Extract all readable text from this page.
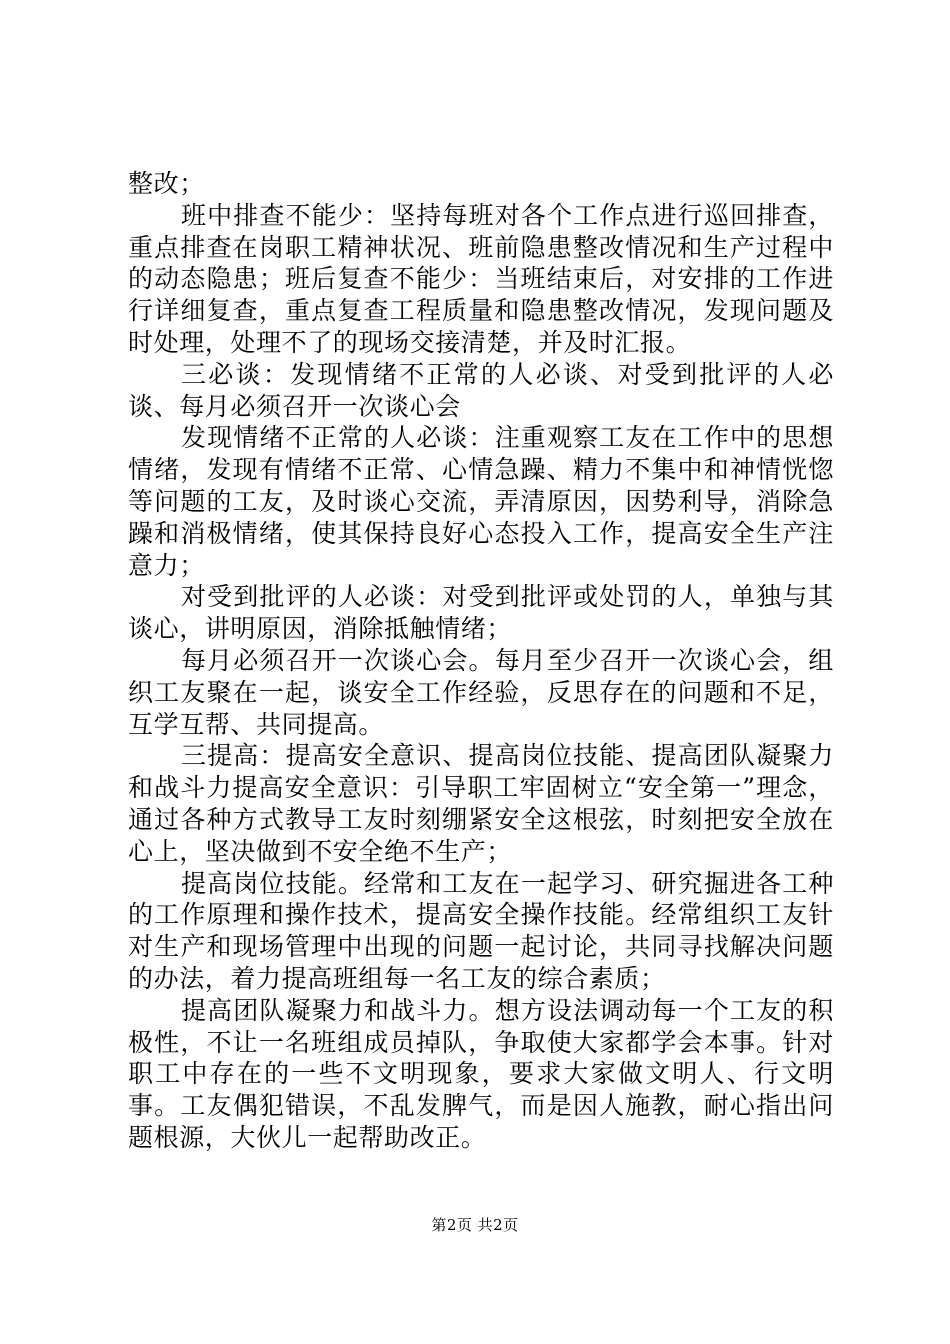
整改；

班中排查不能少：坚持每班对各个工作点进行巡回排查，重点排查在岗职工精神状况、班前隐患整改情况和生产过程中的动态隐患；班后复查不能少：当班结束后，对安排的工作进行详细复查，重点复查工程质量和隐患整改情况，发现问题及时处理，处理不了的现场交接清楚，并及时汇报。

三必谈：发现情绪不正常的人必谈、对受到批评的人必谈、每月必须召开一次谈心会

发现情绪不正常的人必谈：注重观察工友在工作中的思想情绪，发现有情绪不正常、心情急躁、精力不集中和神情恍惚等问题的工友，及时谈心交流，弄清原因，因势利导，消除急躁和消极情绪，使其保持良好心态投入工作，提高安全生产注意力；

对受到批评的人必谈：对受到批评或处罚的人，单独与其谈心，讲明原因，消除抵触情绪；

每月必须召开一次谈心会。每月至少召开一次谈心会，组织工友聚在一起，谈安全工作经验，反思存在的问题和不足，互学互帮、共同提高。

三提高：提高安全意识、提高岗位技能、提高团队凝聚力和战斗力提高安全意识：引导职工牢固树立“安全第一”理念，通过各种方式教导工友时刻绷紧安全这根弦，时刻把安全放在心上，坚决做到不安全绝不生产；

提高岗位技能。经常和工友在一起学习、研究掘进各工种的工作原理和操作技术，提高安全操作技能。经常组织工友针对生产和现场管理中出现的问题一起讨论，共同寻找解决问题的办法，着力提高班组每一名工友的综合素质；

提高团队凝聚力和战斗力。想方设法调动每一个工友的积极性，不让一名班组成员掉队，争取使大家都学会本事。针对职工中存在的一些不文明现象，要求大家做文明人、行文明事。工友偶犯错误，不乱发脾气，而是因人施教，耐心指出问题根源，大伙儿一起帮助改正。

第2页 共2页
